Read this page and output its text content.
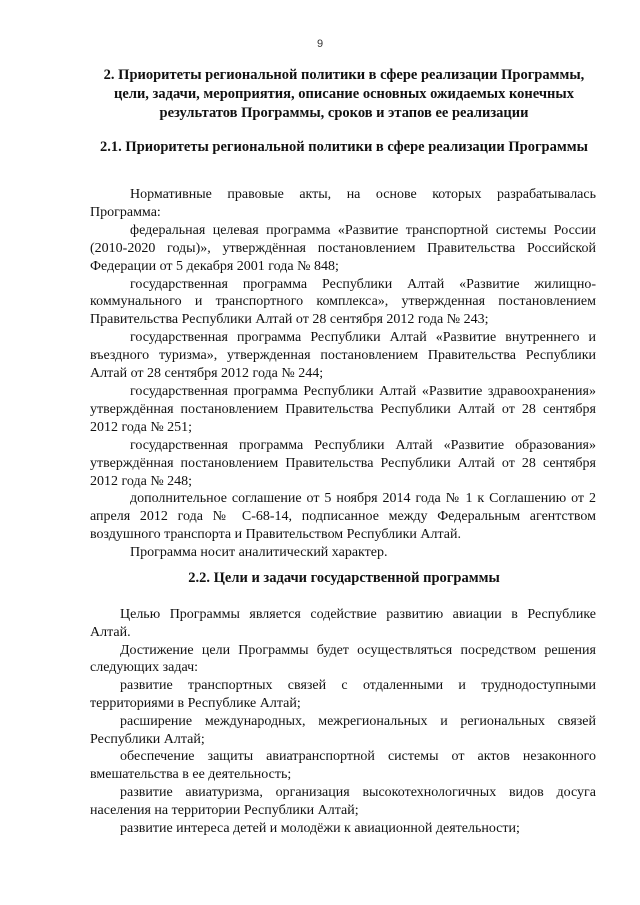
9
2. Приоритеты региональной политики в сфере реализации Программы, цели, задачи, мероприятия, описание основных ожидаемых конечных результатов Программы, сроков и этапов ее реализации
2.1. Приоритеты региональной политики в сфере реализации Программы

Нормативные правовые акты, на основе которых разрабатывалась Программа:

федеральная целевая программа «Развитие транспортной системы России (2010-2020 годы)», утверждённая постановлением Правительства Российской Федерации от 5 декабря 2001 года № 848;

государственная программа Республики Алтай «Развитие жилищно-коммунального и транспортного комплекса», утвержденная постановлением Правительства Республики Алтай от 28 сентября 2012 года № 243;

государственная программа Республики Алтай «Развитие внутреннего и въездного туризма», утвержденная постановлением Правительства Республики Алтай от 28 сентября 2012 года № 244;

государственная программа Республики Алтай «Развитие здравоохранения» утверждённая постановлением Правительства Республики Алтай от 28 сентября 2012 года № 251;

государственная программа Республики Алтай «Развитие образования» утверждённая постановлением Правительства Республики Алтай от 28 сентября 2012 года № 248;

дополнительное соглашение от 5 ноября 2014 года № 1 к Соглашению от 2 апреля 2012 года № С-68-14, подписанное между Федеральным агентством воздушного транспорта и Правительством Республики Алтай.

Программа носит аналитический характер.

2.2. Цели и задачи государственной программы

Целью Программы является содействие развитию авиации в Республике Алтай.

Достижение цели Программы будет осуществляться посредством решения следующих задач:

развитие транспортных связей с отдаленными и труднодоступными территориями в Республике Алтай;

расширение международных, межрегиональных и региональных связей Республики Алтай;

обеспечение защиты авиатранспортной системы от актов незаконного вмешательства в ее деятельность;

развитие авиатуризма, организация высокотехнологичных видов досуга населения на территории Республики Алтай;

развитие интереса детей и молодёжи к авиационной деятельности;
